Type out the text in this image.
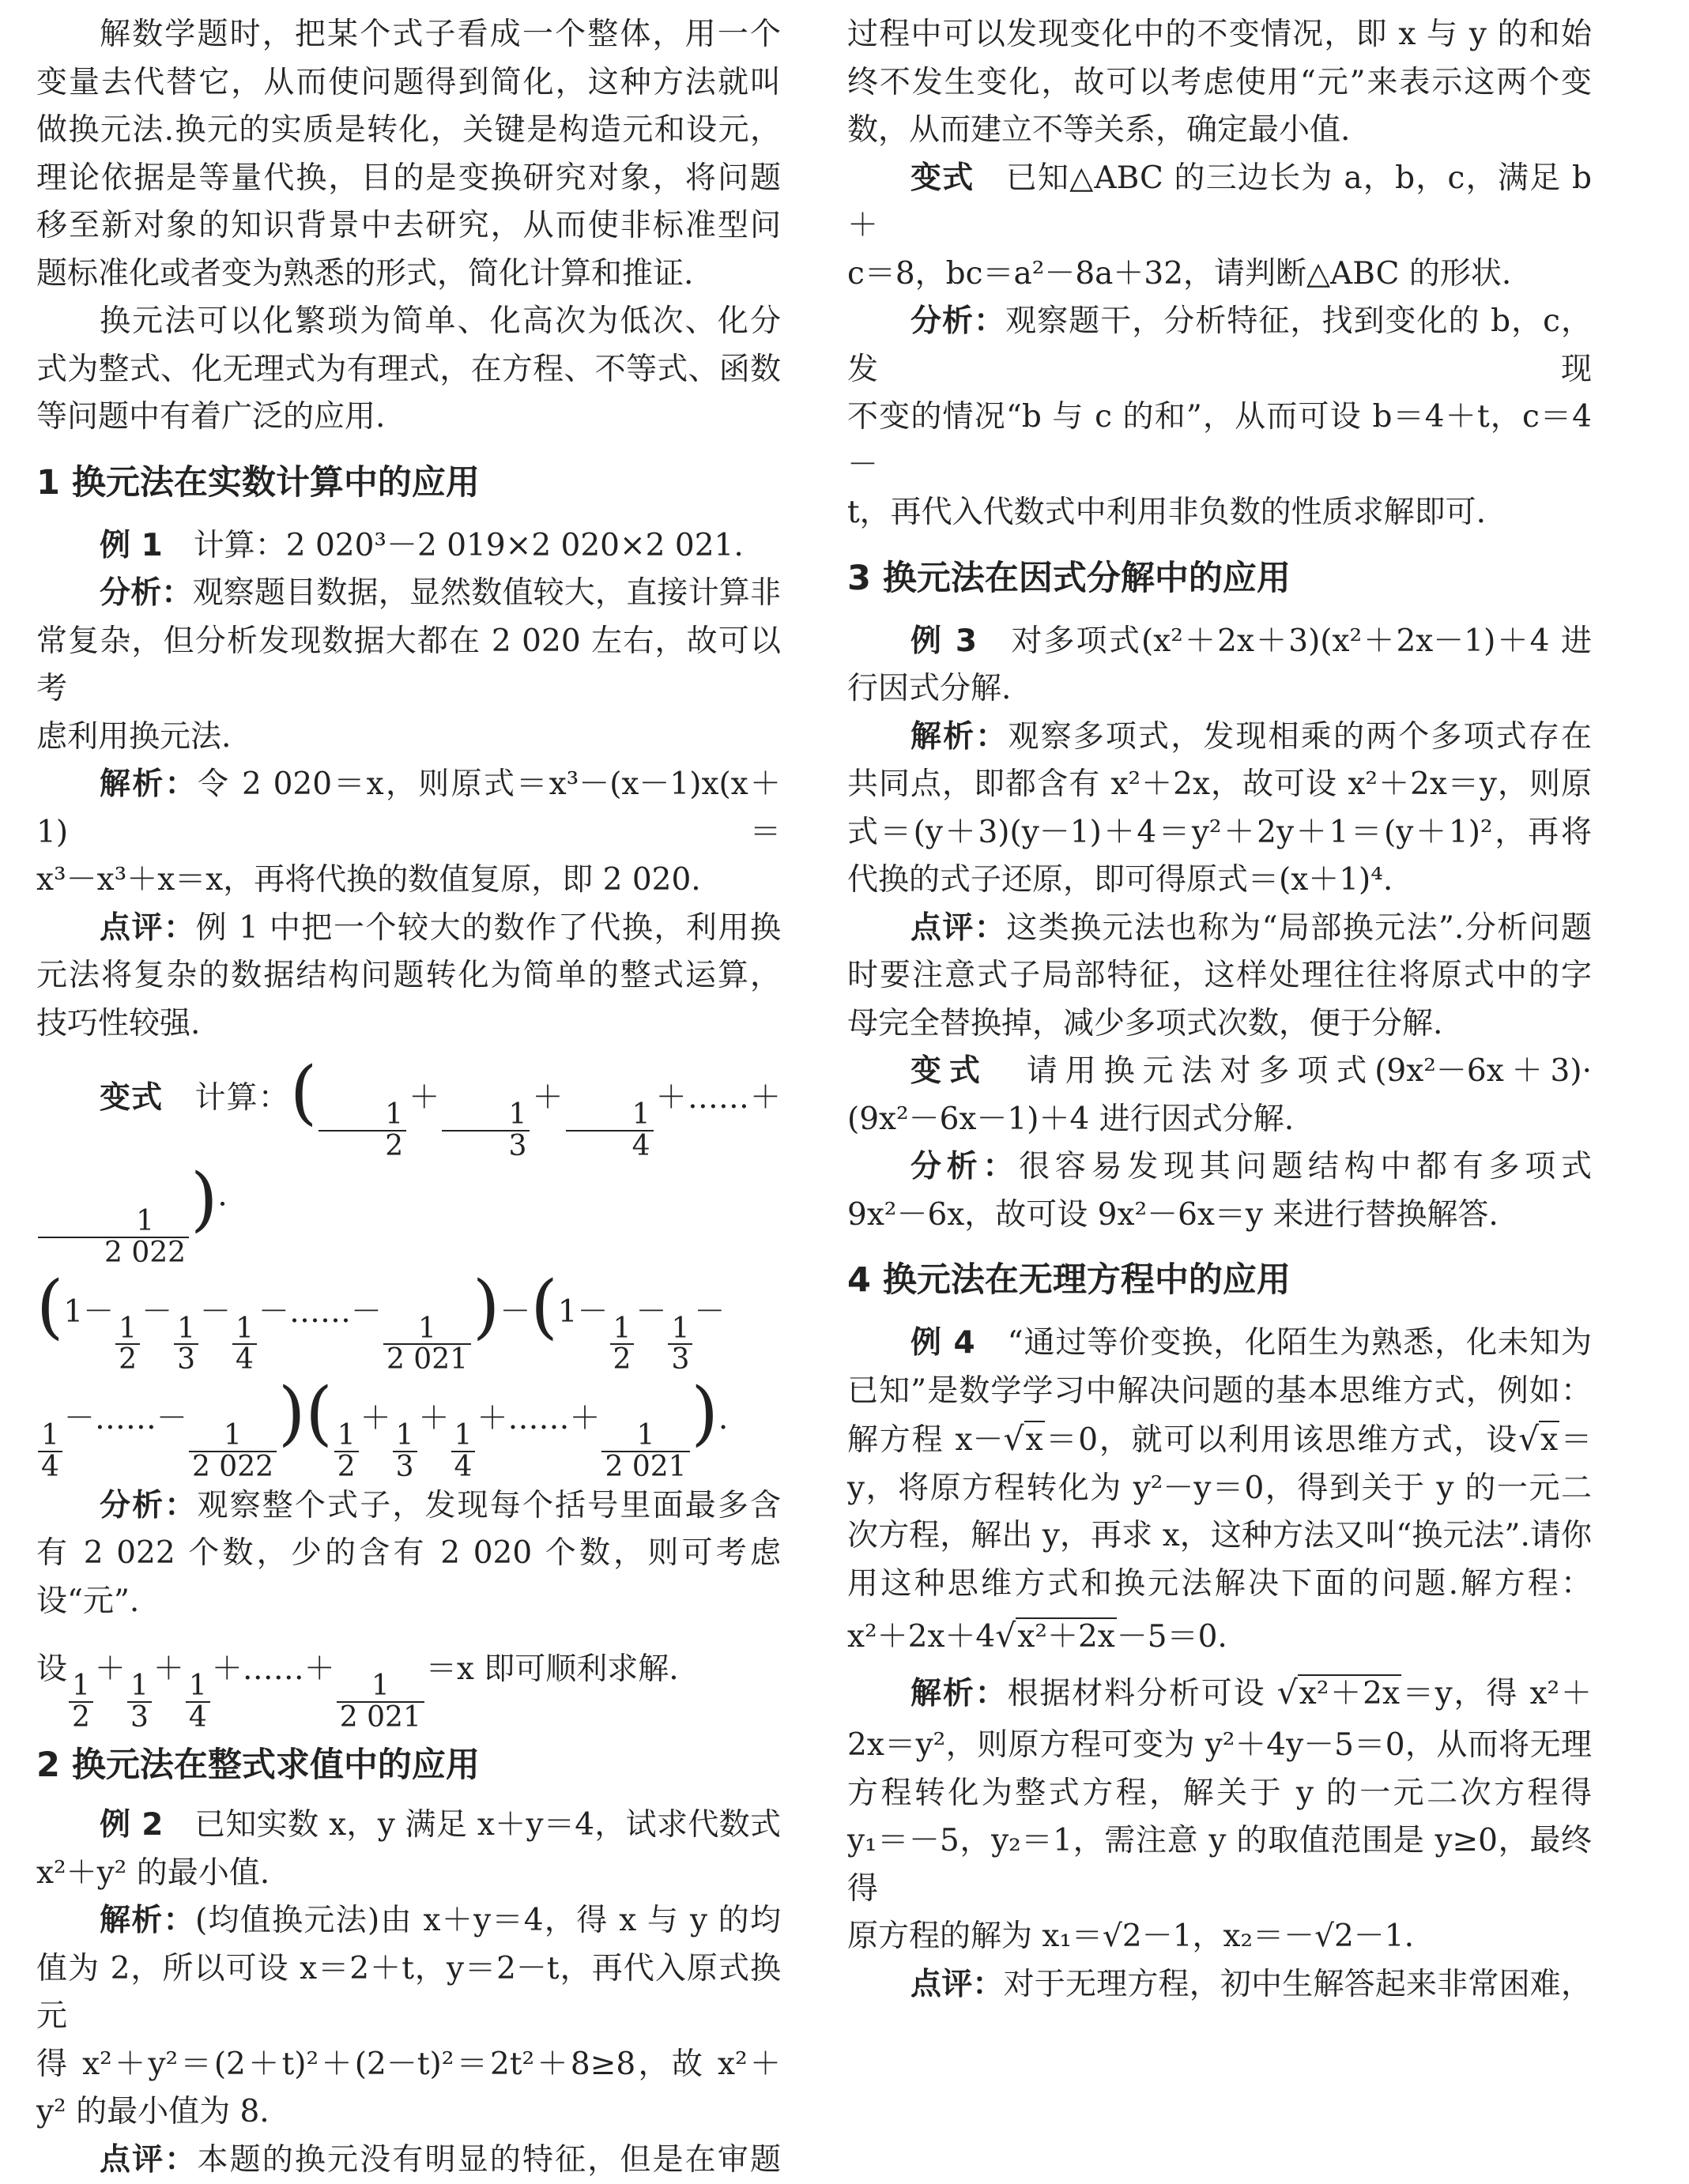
解数学题时，把某个式子看成一个整体，用一个

变量去代替它，从而使问题得到简化，这种方法就叫

做换元法.换元的实质是转化，关键是构造元和设元，

理论依据是等量代换，目的是变换研究对象，将问题

移至新对象的知识背景中去研究，从而使非标准型问

题标准化或者变为熟悉的形式，简化计算和推证.

换元法可以化繁琐为简单、化高次为低次、化分

式为整式、化无理式为有理式，在方程、不等式、函数

等问题中有着广泛的应用.

1 换元法在实数计算中的应用

例 1　 计算：2 020³－2 019×2 020×2 021.

分析：观察题目数据，显然数值较大，直接计算非

常复杂，但分析发现数据大都在 2 020 左右，故可以考

虑利用换元法.

解析：令 2 020＝x，则原式＝x³－(x－1)x(x＋1)＝

x³－x³＋x＝x，再将代换的数值复原，即 2 020.

点评：例 1 中把一个较大的数作了代换，利用换

元法将复杂的数据结构问题转化为简单的整式运算，

技巧性较强.

变式　 计算：( $\frac{1}{2}$
＋
$\frac{1}{3}$
＋
$\frac{1}{4}$
＋……＋
$\frac{1}{2 022}$ )·

(1－
$\frac{1}{2}$
－
$\frac{1}{3}$
－
$\frac{1}{4}$
－……－
$\frac{1}{2 021} )-(1-$
$\frac{1}{2}$
－
$\frac{1}{3}$
－

$\frac{1}{4}$
－……－
$\frac{1}{2 022}$ )( $\frac{1}{2}$
＋
$\frac{1}{3}$
＋
$\frac{1}{4}$
＋……＋
$\frac{1}{2 021}$ ).

分析：观察整个式子，发现每个括号里面最多含

有 2 022 个数，少的含有 2 020 个数，则可考虑设“元”.

设
$\frac{1}{2}$
＋
$\frac{1}{3}$
＋
$\frac{1}{4}$
＋……＋
$\frac{1}{2 021}$
＝x 即可顺利求解.

2 换元法在整式求值中的应用

例 2　 已知实数 x，y 满足 x＋y＝4，试求代数式

x²＋y² 的最小值.

解析：(均值换元法)由 x＋y＝4，得 x 与 y 的均

值为 2，所以可设 x＝2＋t，y＝2－t，再代入原式换元

得 x²＋y²＝(2＋t)²＋(2－t)²＝2t²＋8≥8，故 x²＋

y² 的最小值为 8.

点评：本题的换元没有明显的特征，但是在审题

过程中可以发现变化中的不变情况，即 x 与 y 的和始

终不发生变化，故可以考虑使用“元”来表示这两个变

数，从而建立不等关系，确定最小值.

变式　 已知△ABC 的三边长为 a，b，c，满足 b＋

c＝8，bc＝a²－8a＋32，请判断△ABC 的形状.

分析：观察题干，分析特征，找到变化的 b，c，发现

不变的情况“b 与 c 的和”，从而可设 b＝4＋t，c＝4－

t，再代入代数式中利用非负数的性质求解即可.

3 换元法在因式分解中的应用

例 3　 对多项式(x²＋2x＋3)(x²＋2x－1)＋4 进

行因式分解.

解析：观察多项式，发现相乘的两个多项式存在

共同点，即都含有 x²＋2x，故可设 x²＋2x＝y，则原

式＝(y＋3)(y－1)＋4＝y²＋2y＋1＝(y＋1)²，再将

代换的式子还原，即可得原式＝(x＋1)⁴.

点评：这类换元法也称为“局部换元法”.分析问题

时要注意式子局部特征，这样处理往往将原式中的字

母完全替换掉，减少多项式次数，便于分解.

变式　 请用换元法对多项式(9x²－6x＋3)·

(9x²－6x－1)＋4 进行因式分解.

分析：很容易发现其问题结构中都有多项式

9x²－6x，故可设 9x²－6x＝y 来进行替换解答.

4 换元法在无理方程中的应用

例 4　 “通过等价变换，化陌生为熟悉，化未知为

已知”是数学学习中解决问题的基本思维方式，例如：

解方程 x－√x＝0，就可以利用该思维方式，设√x＝

y，将原方程转化为 y²－y＝0，得到关于 y 的一元二

次方程，解出 y，再求 x，这种方法又叫“换元法”.请你

用这种思维方式和换元法解决下面的问题.解方程：

x²＋2x＋4√x²＋2x－5＝0.

解析：根据材料分析可设 √x²＋2x＝y，得 x²＋

2x＝y²，则原方程可变为 y²＋4y－5＝0，从而将无理

方程转化为整式方程，解关于 y 的一元二次方程得

y₁＝－5，y₂＝1，需注意 y 的取值范围是 y≥0，最终得

原方程的解为 x₁＝√2－1，x₂＝－√2－1.

点评：对于无理方程，初中生解答起来非常困难，
